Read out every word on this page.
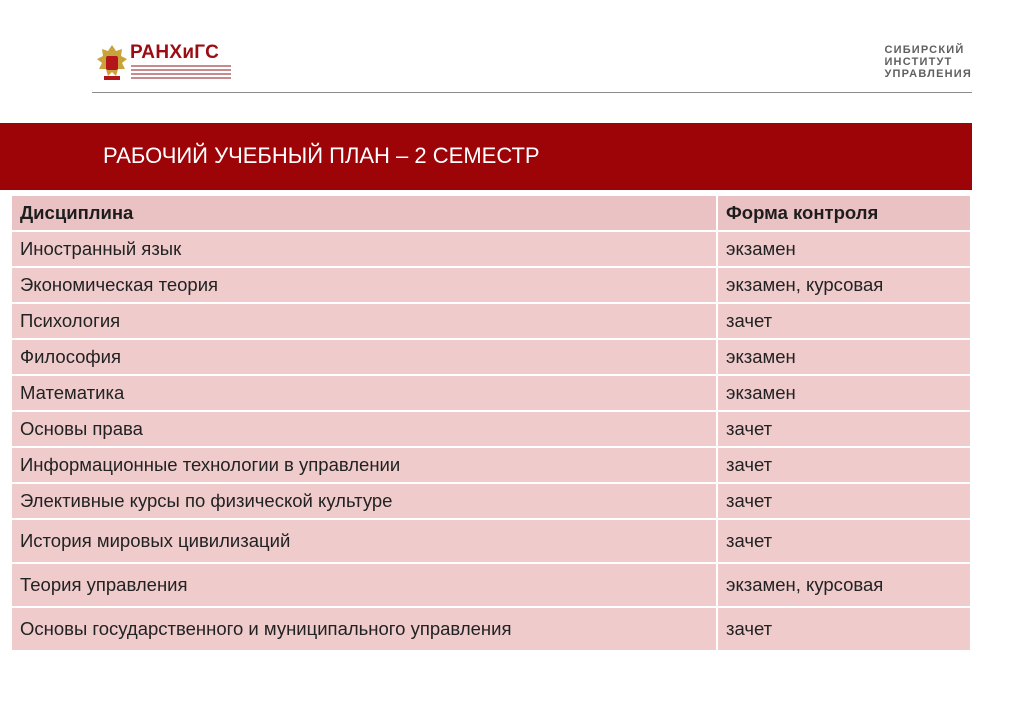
РАНХиГС	СИБИРСКИЙ
ИНСТИТУТ
УПРАВЛЕНИЯ
РАБОЧИЙ УЧЕБНЫЙ ПЛАН – 2 СЕМЕСТР
Дисциплина	Форма контроля
Иностранный язык	экзамен
Экономическая теория	экзамен, курсовая
Психология	зачет
Философия	экзамен
Математика	экзамен
Основы права	зачет
Информационные технологии в управлении	зачет
Элективные курсы по физической культуре	зачет
История мировых цивилизаций	зачет
Теория управления	экзамен, курсовая
Основы государственного и муниципального управления	зачет
